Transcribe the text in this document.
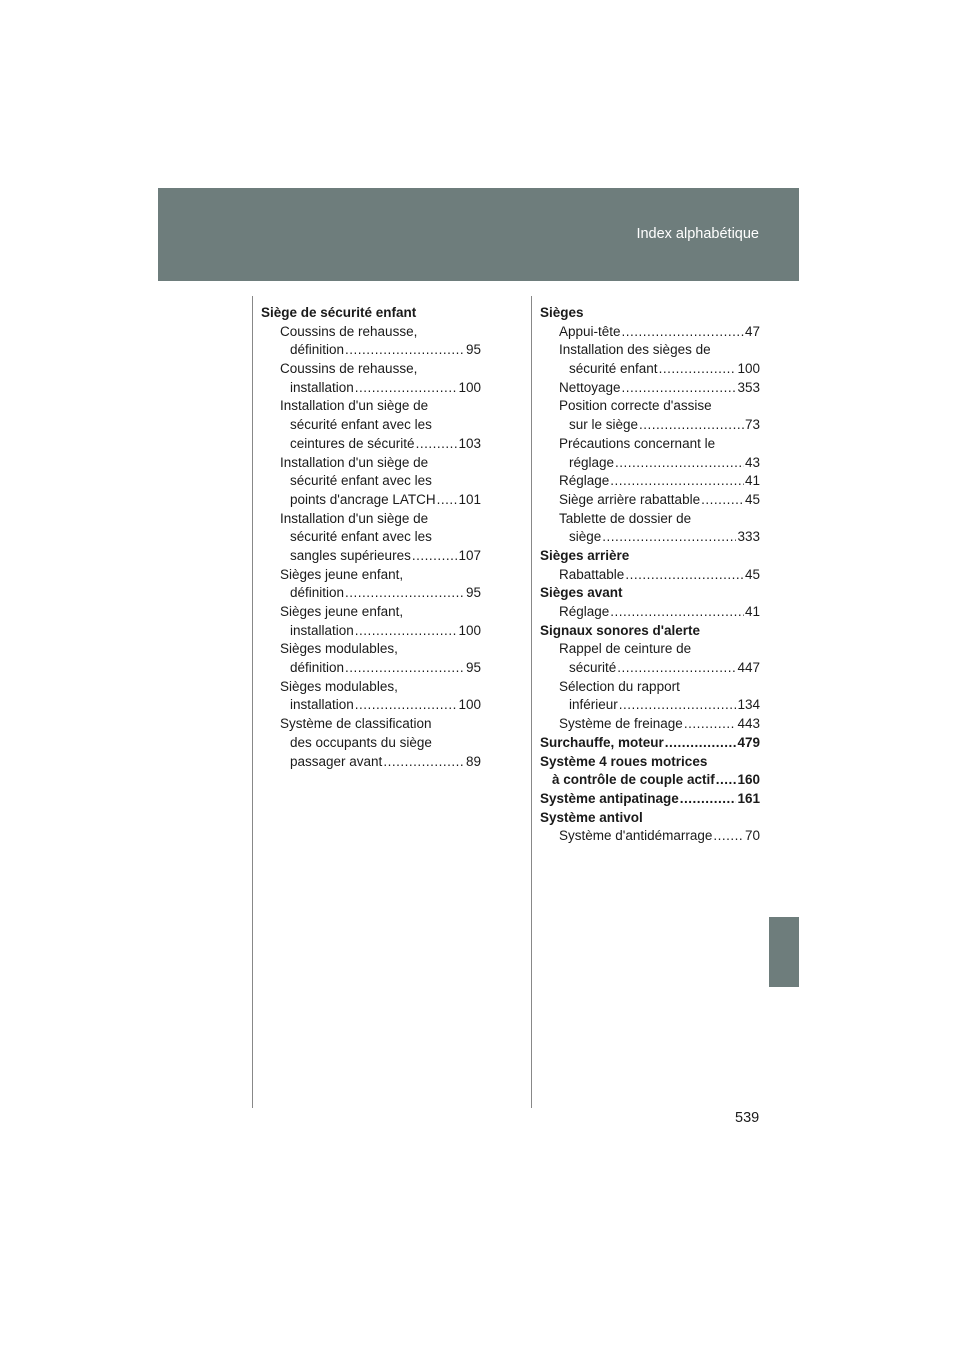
Index alphabétique
Siège de sécurité enfant
Coussins de rehausse,
définition .....	95
Coussins de rehausse,
installation .....	100
Installation d'un siège de
sécurité enfant avec les
ceintures de sécurité .....	103
Installation d'un siège de
sécurité enfant avec les
points d'ancrage LATCH ..... 101
Installation d'un siège de
sécurité enfant avec les
sangles supérieures .....	107
Sièges jeune enfant,
définition .....	95
Sièges jeune enfant,
installation .....	100
Sièges modulables,
définition .....	95
Sièges modulables,
installation .....	100
Système de classification
des occupants du siège
passager avant .....	89
Sièges
Appui-tête .....	47
Installation des sièges de
sécurité enfant .....	100
Nettoyage .....	353
Position correcte d'assise
sur le siège .....	73
Précautions concernant le
réglage .....	43
Réglage .....	41
Siège arrière rabattable .....	45
Tablette de dossier de
siège .....	333
Sièges arrière
Rabattable .....	45
Sièges avant
Réglage .....	41
Signaux sonores d'alerte
Rappel de ceinture de
sécurité .....	447
Sélection du rapport
inférieur .....	134
Système de freinage .....	443
Surchauffe, moteur .....	479
Système 4 roues motrices
à contrôle de couple actif ..... 160
Système antipatinage .....	161
Système antivol
Système d'antidémarrage ..... 70
539
